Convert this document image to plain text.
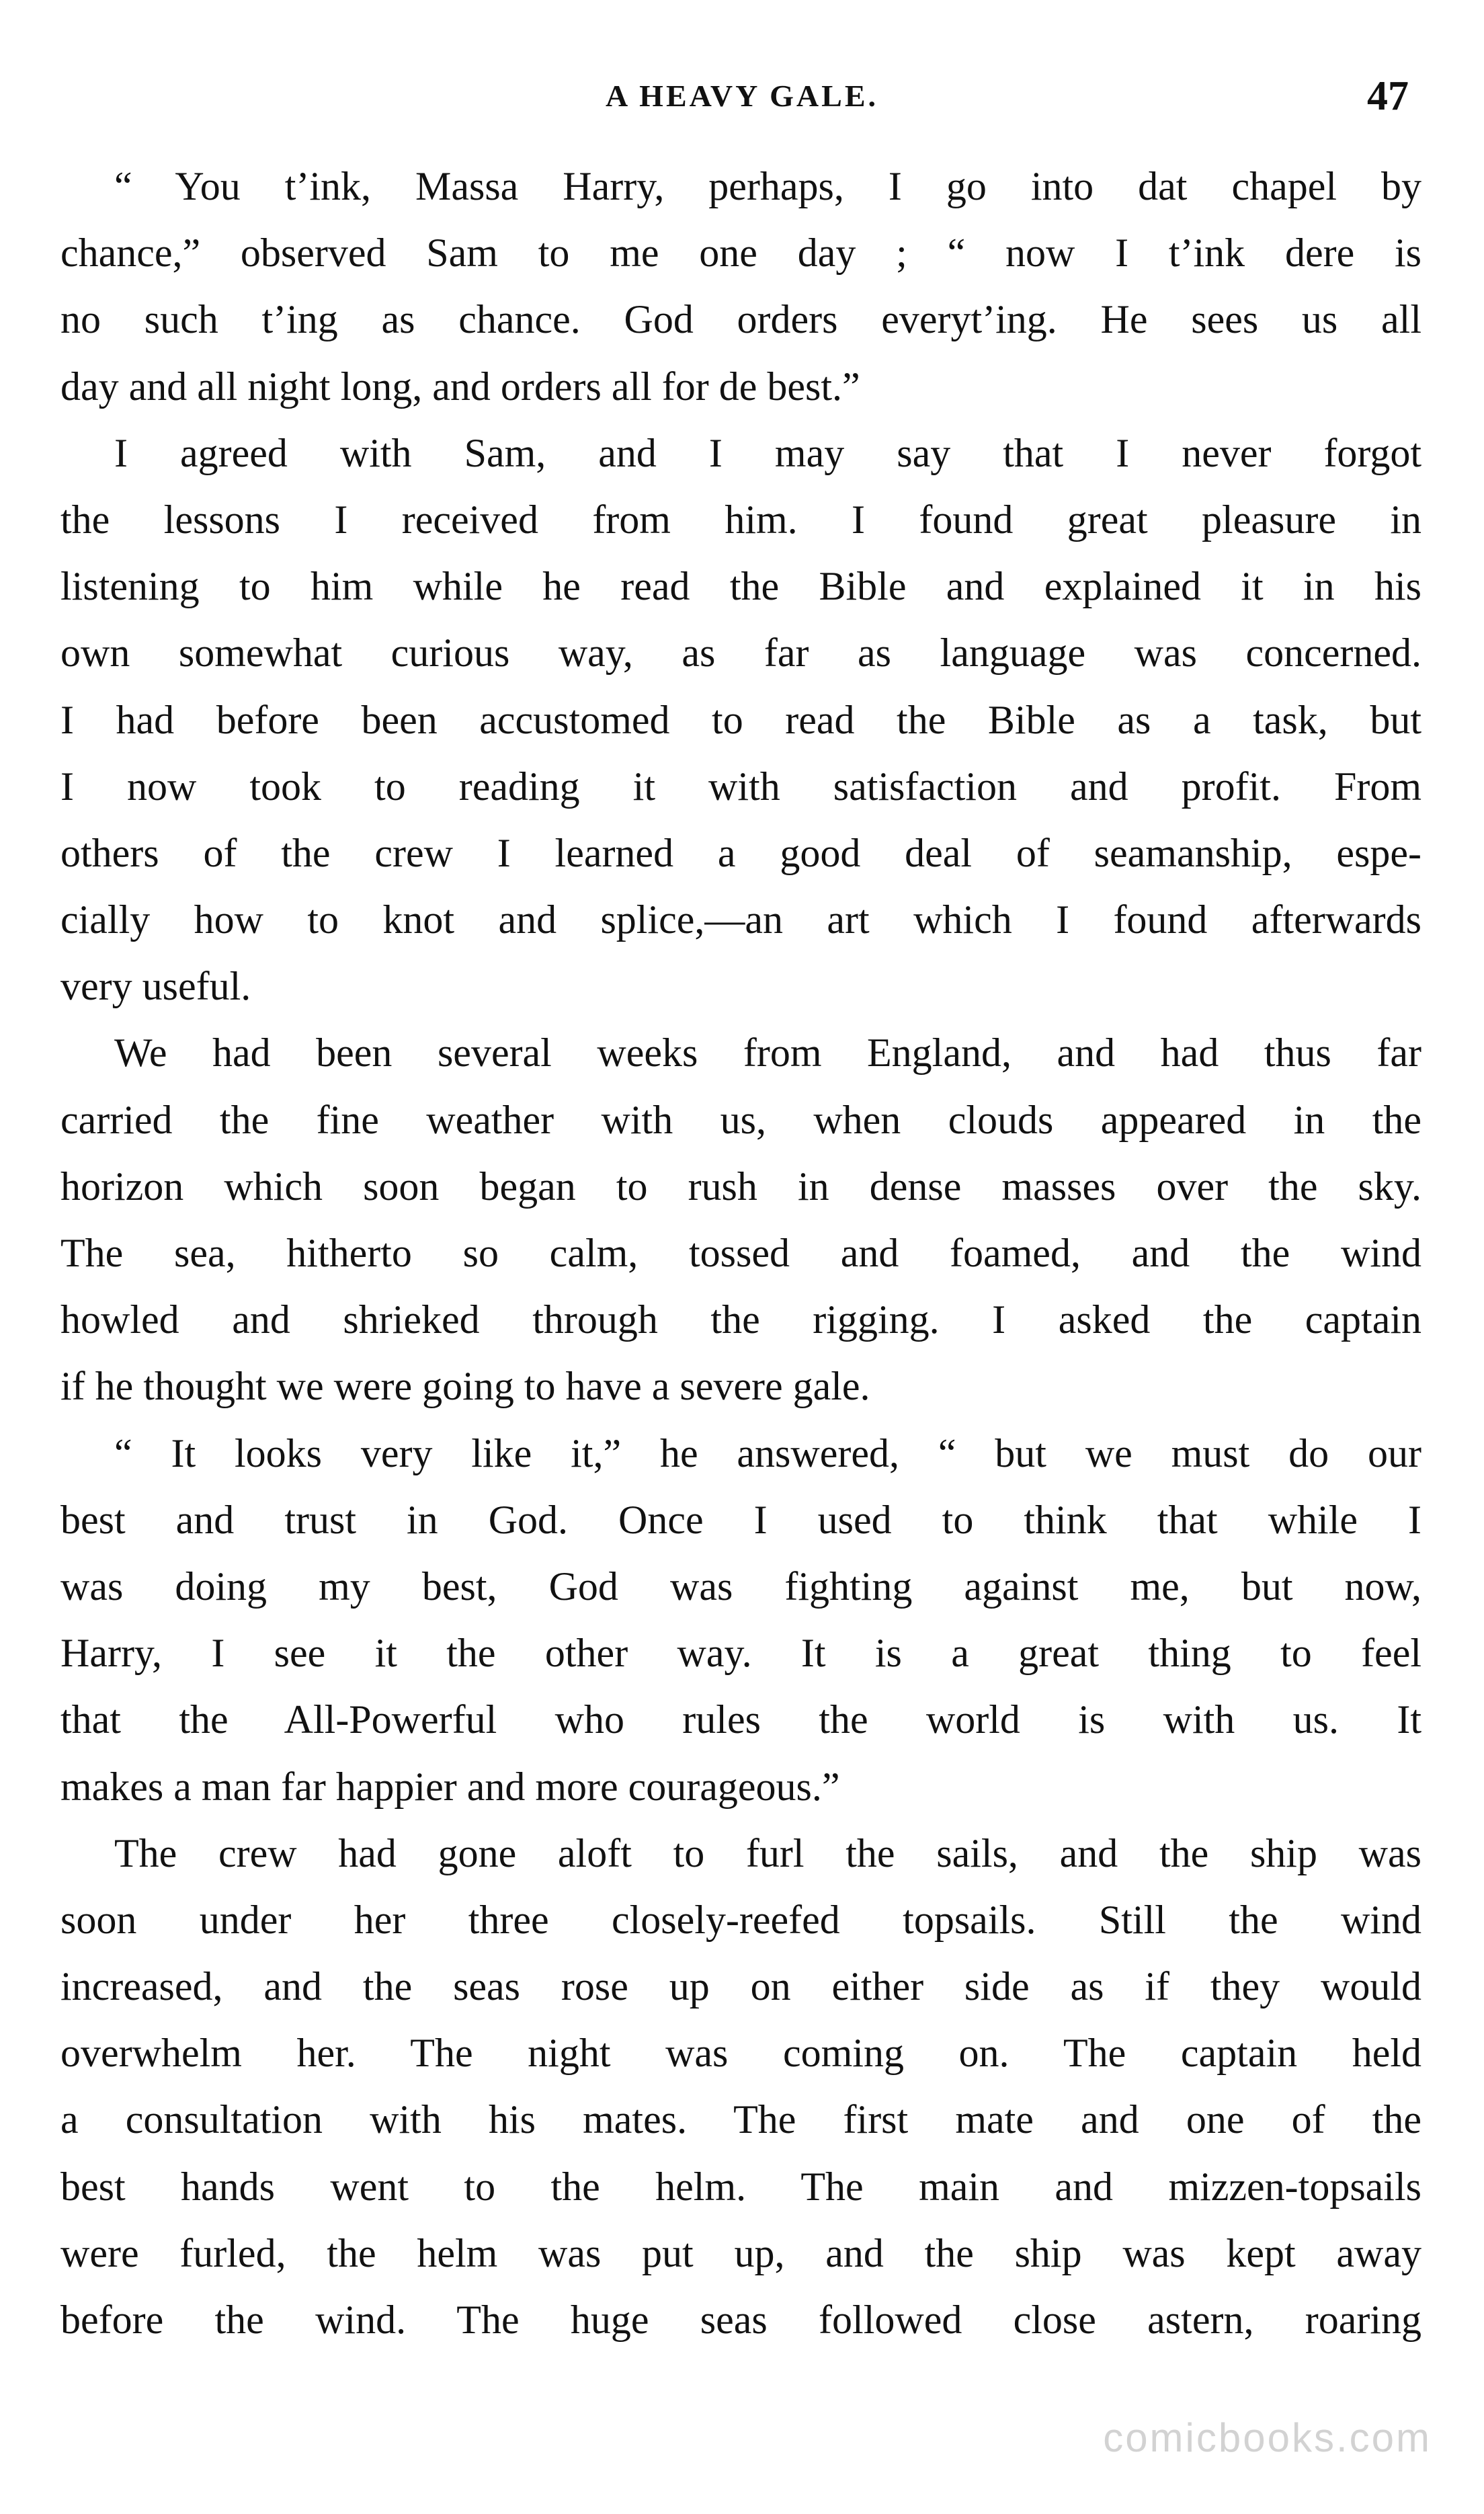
A HEAVY GALE.	47

“ You t’ink, Massa Harry, perhaps, I go into dat chapel by
chance,” observed Sam to me one day ; “ now I t’ink dere is
no such t’ing as chance. God orders everyt’ing. He sees us all
day and all night long, and orders all for de best.”

I agreed with Sam, and I may say that I never forgot
the lessons I received from him. I found great pleasure in
listening to him while he read the Bible and explained it in his
own somewhat curious way, as far as language was concerned.
I had before been accustomed to read the Bible as a task, but
I now took to reading it with satisfaction and profit. From
others of the crew I learned a good deal of seamanship, espe-
cially how to knot and splice,—an art which I found afterwards
very useful.

We had been several weeks from England, and had thus far
carried the fine weather with us, when clouds appeared in the
horizon which soon began to rush in dense masses over the sky.
The sea, hitherto so calm, tossed and foamed, and the wind
howled and shrieked through the rigging. I asked the captain
if he thought we were going to have a severe gale.

“ It looks very like it,” he answered, “ but we must do our
best and trust in God. Once I used to think that while I
was doing my best, God was fighting against me, but now,
Harry, I see it the other way. It is a great thing to feel
that the All-Powerful who rules the world is with us. It
makes a man far happier and more courageous.”

The crew had gone aloft to furl the sails, and the ship was
soon under her three closely-reefed topsails. Still the wind
increased, and the seas rose up on either side as if they would
overwhelm her. The night was coming on. The captain held
a consultation with his mates. The first mate and one of the
best hands went to the helm. The main and mizzen-topsails
were furled, the helm was put up, and the ship was kept away
before the wind. The huge seas followed close astern, roaring

comicbooks.com
